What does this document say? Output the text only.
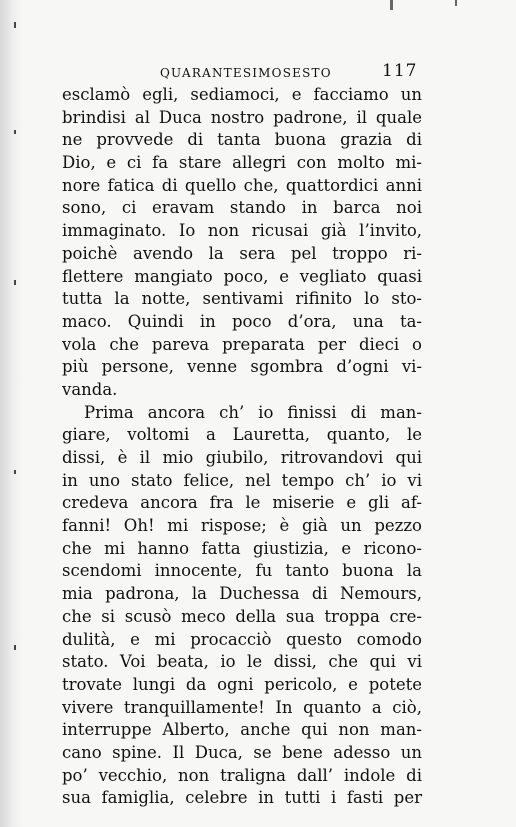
QUARANTESIMOSESTO	117
esclamò egli, sediamoci, e facciamo un
brindisi al Duca nostro padrone, il quale
ne provvede di tanta buona grazia di
Dio, e ci fa stare allegri con molto mi-
nore fatica di quello che, quattordici anni
sono, ci eravam stando in barca noi
immaginato. Io non ricusai già l’invito,
poichè avendo la sera pel troppo ri-
flettere mangiato poco, e vegliato quasi
tutta la notte, sentivami rifinito lo sto-
maco. Quindi in poco d’ora, una ta-
vola che pareva preparata per dieci o
più persone, venne sgombra d’ogni vi-
vanda.
Prima ancora ch’ io finissi di man-
giare, voltomi a Lauretta, quanto, le
dissi, è il mio giubilo, ritrovandovi qui
in uno stato felice, nel tempo ch’ io vi
credeva ancora fra le miserie e gli af-
fanni! Oh! mi rispose; è già un pezzo
che mi hanno fatta giustizia, e ricono-
scendomi innocente, fu tanto buona la
mia padrona, la Duchessa di Nemours,
che si scusò meco della sua troppa cre-
dulità, e mi procacciò questo comodo
stato. Voi beata, io le dissi, che qui vi
trovate lungi da ogni pericolo, e potete
vivere tranquillamente! In quanto a ciò,
interruppe Alberto, anche qui non man-
cano spine. Il Duca, se bene adesso un
po’ vecchio, non traligna dall’ indole di
sua famiglia, celebre in tutti i fasti per
